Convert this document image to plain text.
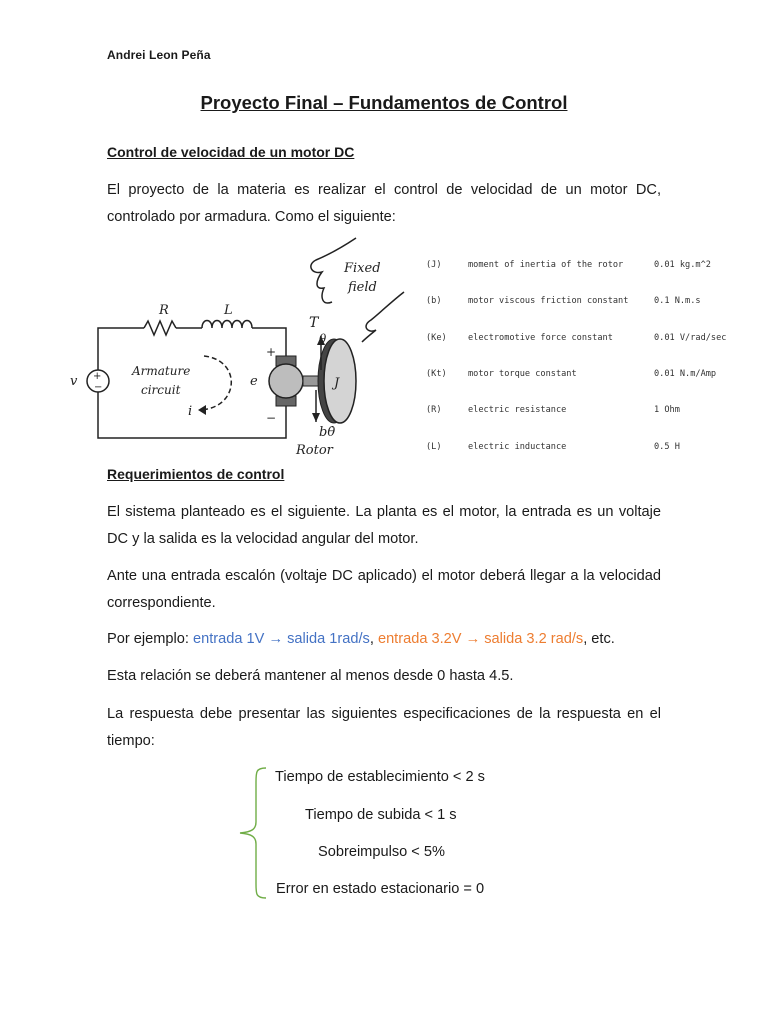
Andrei Leon Peña
Proyecto Final – Fundamentos de Control
Control de velocidad de un motor DC
El proyecto de la materia es realizar el control de velocidad de un motor DC, controlado por armadura. Como el siguiente:
Fixed
field
R	L
+
−
v
Armature
circuit
i
+
−
e	J
T
θ
bθ̇
Rotor
(J)	moment of inertia of the rotor	0.01 kg.m^2
(b)	motor viscous friction constant	0.1 N.m.s
(Ke) electromotive force constant	0.01 V/rad/sec
(Kt) motor torque constant	0.01 N.m/Amp
(R)	electric resistance	1 Ohm
(L)	electric inductance	0.5 H
Requerimientos de control
El sistema planteado es el siguiente. La planta es el motor, la entrada es un voltaje DC y la salida es la velocidad angular del motor.
Ante una entrada escalón (voltaje DC aplicado) el motor deberá llegar a la velocidad correspondiente.
Por ejemplo: entrada 1V → salida 1rad/s, entrada 3.2V → salida 3.2 rad/s, etc.
Esta relación se deberá mantener al menos desde 0 hasta 4.5.
La respuesta debe presentar las siguientes especificaciones de la respuesta en el tiempo:
Tiempo de establecimiento < 2 s
Tiempo de subida < 1 s
Sobreimpulso < 5%
Error en estado estacionario = 0
